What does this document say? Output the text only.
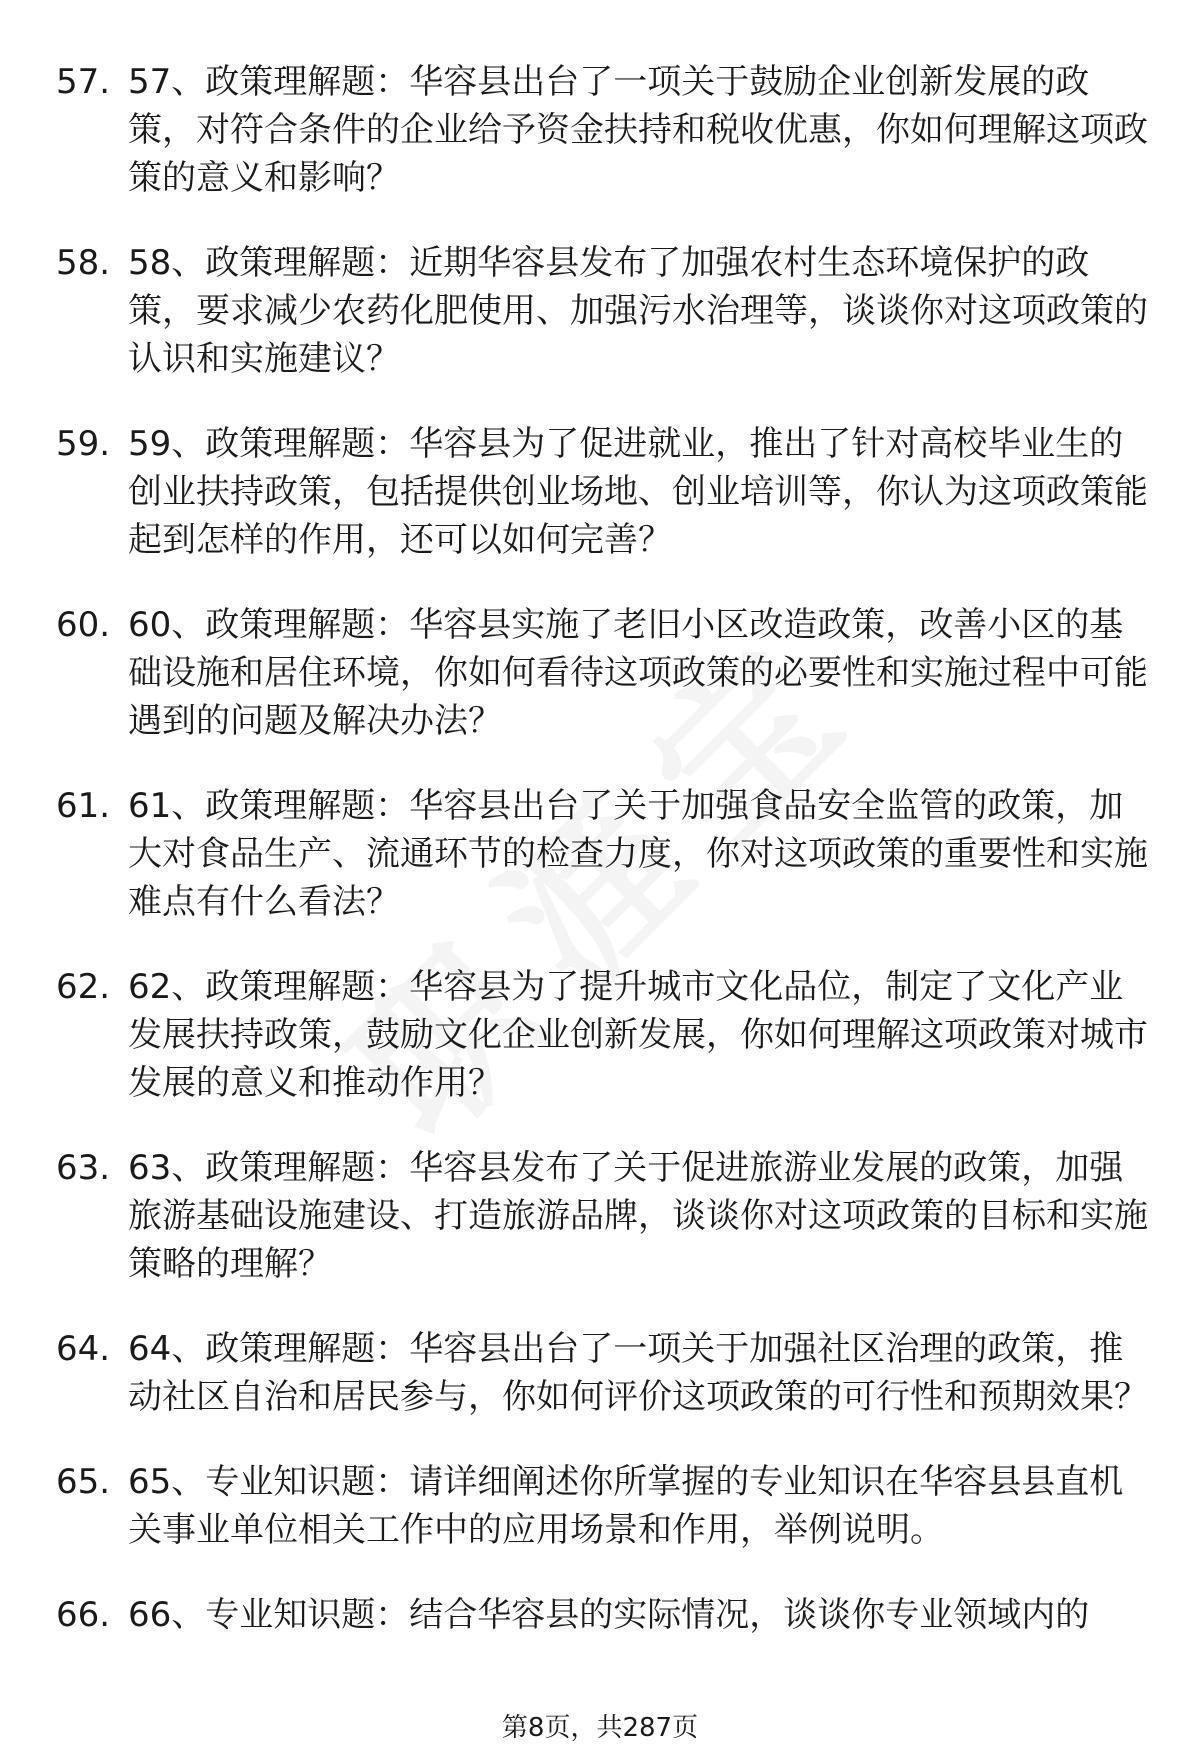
57. 57、政策理解题：华容县出台了一项关于鼓励企业创新发展的政策，对符合条件的企业给予资金扶持和税收优惠，你如何理解这项政策的意义和影响？
58. 58、政策理解题：近期华容县发布了加强农村生态环境保护的政策，要求减少农药化肥使用、加强污水治理等，谈谈你对这项政策的认识和实施建议？
59. 59、政策理解题：华容县为了促进就业，推出了针对高校毕业生的创业扶持政策，包括提供创业场地、创业培训等，你认为这项政策能起到怎样的作用，还可以如何完善？
60. 60、政策理解题：华容县实施了老旧小区改造政策，改善小区的基础设施和居住环境，你如何看待这项政策的必要性和实施过程中可能遇到的问题及解决办法？
61. 61、政策理解题：华容县出台了关于加强食品安全监管的政策，加大对食品生产、流通环节的检查力度，你对这项政策的重要性和实施难点有什么看法？
62. 62、政策理解题：华容县为了提升城市文化品位，制定了文化产业发展扶持政策，鼓励文化企业创新发展，你如何理解这项政策对城市发展的意义和推动作用？
63. 63、政策理解题：华容县发布了关于促进旅游业发展的政策，加强旅游基础设施建设、打造旅游品牌，谈谈你对这项政策的目标和实施策略的理解？
64. 64、政策理解题：华容县出台了一项关于加强社区治理的政策，推动社区自治和居民参与，你如何评价这项政策的可行性和预期效果？
65. 65、专业知识题：请详细阐述你所掌握的专业知识在华容县县直机关事业单位相关工作中的应用场景和作用，举例说明。
66. 66、专业知识题：结合华容县的实际情况，谈谈你专业领域内的
第8页，共287页
